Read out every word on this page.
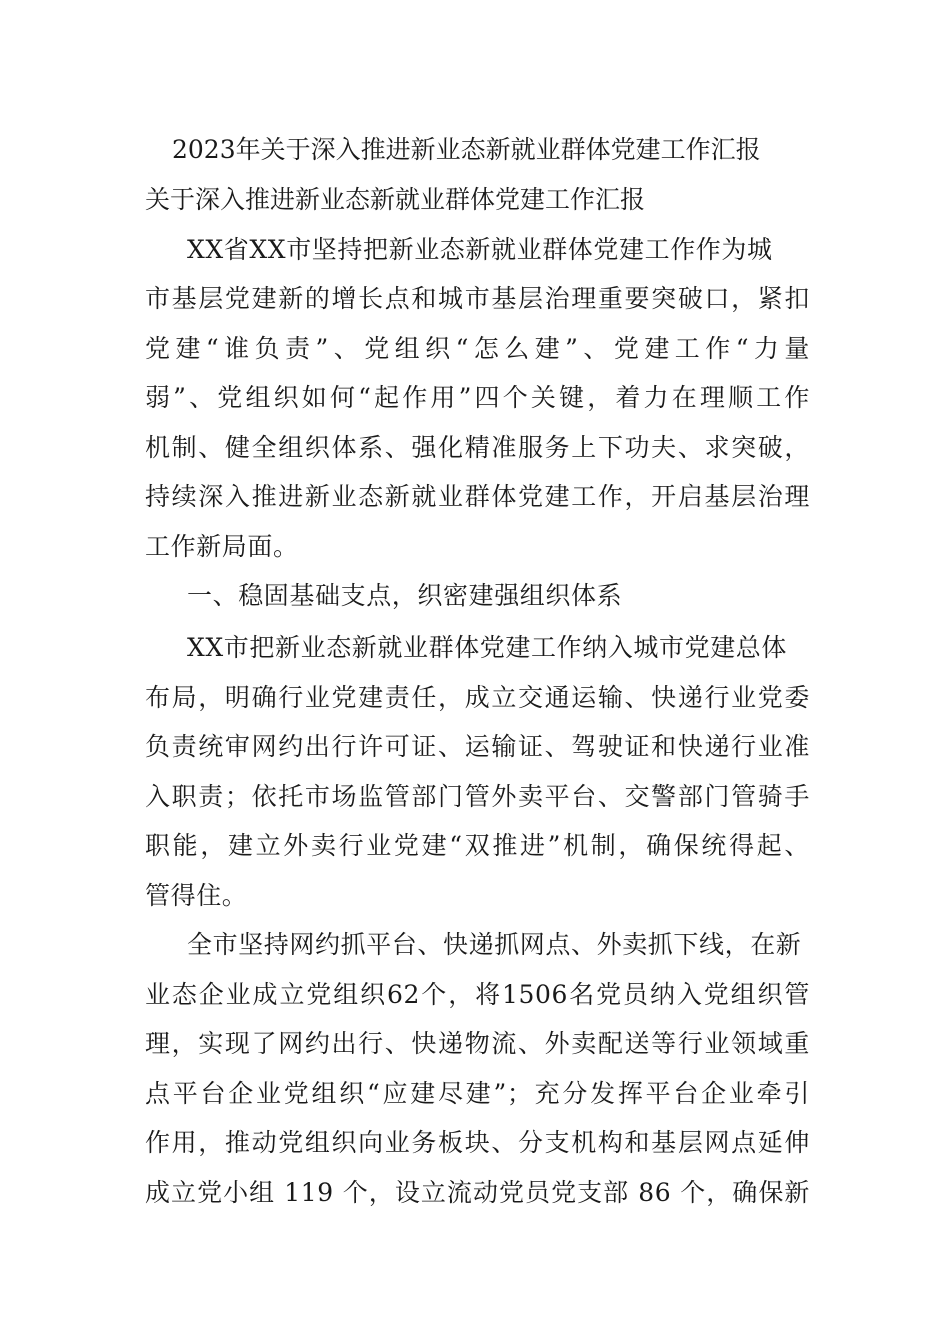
2023年关于深入推进新业态新就业群体党建工作汇报

关于深入推进新业态新就业群体党建工作汇报

XX省XX市坚持把新业态新就业群体党建工作作为城

市基层党建新的增长点和城市基层治理重要突破口，紧扣

党建“谁负责”、党组织“怎么建”、党建工作“力量

弱”、党组织如何“起作用”四个关键，着力在理顺工作

机制、健全组织体系、强化精准服务上下功夫、求突破，

持续深入推进新业态新就业群体党建工作，开启基层治理

工作新局面。

一、稳固基础支点，织密建强组织体系

XX市把新业态新就业群体党建工作纳入城市党建总体

布局，明确行业党建责任，成立交通运输、快递行业党委

负责统审网约出行许可证、运输证、驾驶证和快递行业准

入职责；依托市场监管部门管外卖平台、交警部门管骑手

职能，建立外卖行业党建“双推进”机制，确保统得起、

管得住。

全市坚持网约抓平台、快递抓网点、外卖抓下线，在新

业态企业成立党组织62个，将1506名党员纳入党组织管

理，实现了网约出行、快递物流、外卖配送等行业领域重

点平台企业党组织“应建尽建”；充分发挥平台企业牵引

作用，推动党组织向业务板块、分支机构和基层网点延伸

成立党小组 119 个，设立流动党员党支部 86 个，确保新
